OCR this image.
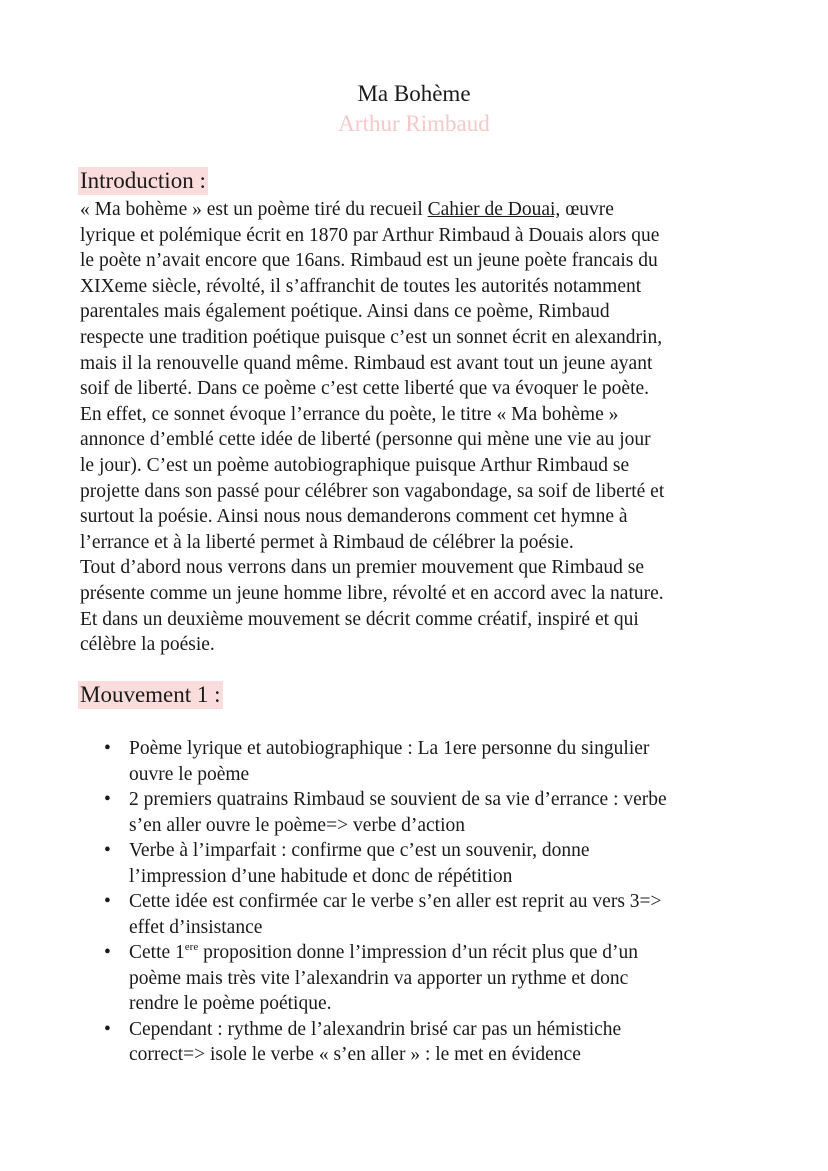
Ma Bohème
Arthur Rimbaud
Introduction :
« Ma bohème » est un poème tiré du recueil Cahier de Douai, œuvre
lyrique et polémique écrit en 1870 par Arthur Rimbaud à Douais alors que
le poète n’avait encore que 16ans. Rimbaud est un jeune poète francais du
XIXeme siècle, révolté, il s’affranchit de toutes les autorités notamment
parentales mais également poétique. Ainsi dans ce poème, Rimbaud
respecte une tradition poétique puisque c’est un sonnet écrit en alexandrin,
mais il la renouvelle quand même. Rimbaud est avant tout un jeune ayant
soif de liberté. Dans ce poème c’est cette liberté que va évoquer le poète.
En effet, ce sonnet évoque l’errance du poète, le titre « Ma bohème »
annonce d’emblé cette idée de liberté (personne qui mène une vie au jour
le jour). C’est un poème autobiographique puisque Arthur Rimbaud se
projette dans son passé pour célébrer son vagabondage, sa soif de liberté et
surtout la poésie. Ainsi nous nous demanderons comment cet hymne à
l’errance et à la liberté permet à Rimbaud de célébrer la poésie.
Tout d’abord nous verrons dans un premier mouvement que Rimbaud se
présente comme un jeune homme libre, révolté et en accord avec la nature.
Et dans un deuxième mouvement se décrit comme créatif, inspiré et qui
célèbre la poésie.
Mouvement 1 :
• Poème lyrique et autobiographique : La 1ere personne du singulier
ouvre le poème
• 2 premiers quatrains Rimbaud se souvient de sa vie d’errance : verbe
s’en aller ouvre le poème=> verbe d’action
• Verbe à l’imparfait : confirme que c’est un souvenir, donne
l’impression d’une habitude et donc de répétition
• Cette idée est confirmée car le verbe s’en aller est reprit au vers 3=>
effet d’insistance
• Cette 1ere proposition donne l’impression d’un récit plus que d’un
poème mais très vite l’alexandrin va apporter un rythme et donc
rendre le poème poétique.
• Cependant : rythme de l’alexandrin brisé car pas un hémistiche
correct=> isole le verbe « s’en aller » : le met en évidence
